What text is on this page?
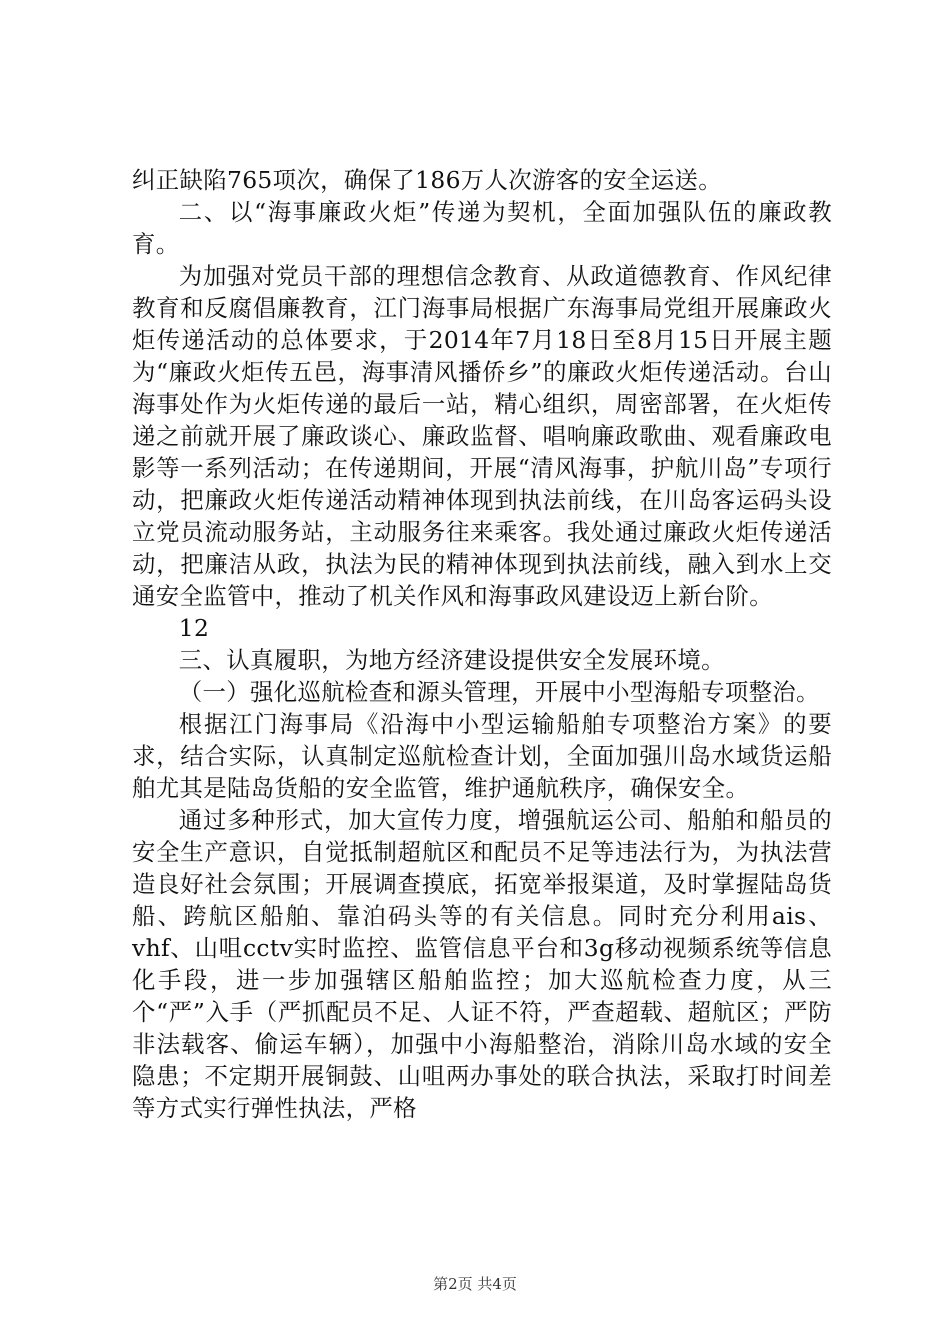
纠正缺陷765项次，确保了186万人次游客的安全运送。

二、以“海事廉政火炬”传递为契机，全面加强队伍的廉政教育。

为加强对党员干部的理想信念教育、从政道德教育、作风纪律教育和反腐倡廉教育，江门海事局根据广东海事局党组开展廉政火炬传递活动的总体要求，于2014年7月18日至8月15日开展主题为“廉政火炬传五邑，海事清风播侨乡”的廉政火炬传递活动。台山海事处作为火炬传递的最后一站，精心组织，周密部署，在火炬传递之前就开展了廉政谈心、廉政监督、唱响廉政歌曲、观看廉政电影等一系列活动；在传递期间，开展“清风海事，护航川岛”专项行动，把廉政火炬传递活动精神体现到执法前线，在川岛客运码头设立党员流动服务站，主动服务往来乘客。我处通过廉政火炬传递活动，把廉洁从政，执法为民的精神体现到执法前线，融入到水上交通安全监管中，推动了机关作风和海事政风建设迈上新台阶。

12

三、认真履职，为地方经济建设提供安全发展环境。

（一）强化巡航检查和源头管理，开展中小型海船专项整治。

根据江门海事局《沿海中小型运输船舶专项整治方案》的要求，结合实际，认真制定巡航检查计划，全面加强川岛水域货运船舶尤其是陆岛货船的安全监管，维护通航秩序，确保安全。

通过多种形式，加大宣传力度，增强航运公司、船舶和船员的安全生产意识，自觉抵制超航区和配员不足等违法行为，为执法营造良好社会氛围；开展调查摸底，拓宽举报渠道，及时掌握陆岛货船、跨航区船舶、靠泊码头等的有关信息。同时充分利用ais、vhf、山咀cctv实时监控、监管信息平台和3g移动视频系统等信息化手段，进一步加强辖区船舶监控；加大巡航检查力度，从三个“严”入手（严抓配员不足、人证不符，严查超载、超航区；严防非法载客、偷运车辆），加强中小海船整治，消除川岛水域的安全隐患；不定期开展铜鼓、山咀两办事处的联合执法，采取打时间差等方式实行弹性执法，严格

第2页 共4页
